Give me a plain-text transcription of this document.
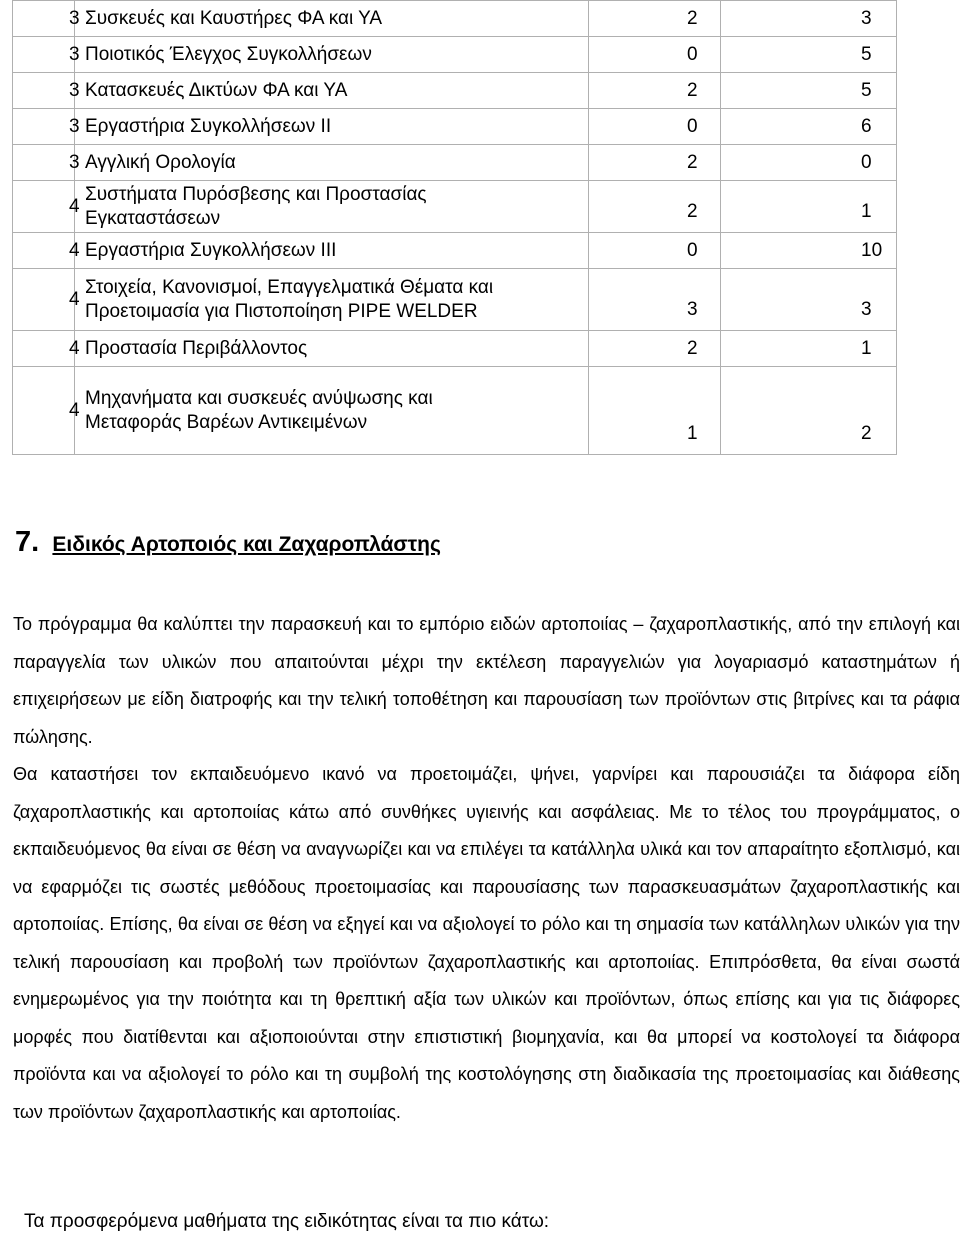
3	Συσκευές και Καυστήρες ΦΑ και ΥΑ	2	3
3	Ποιοτικός Έλεγχος Συγκολλήσεων	0	5
3	Κατασκευές Δικτύων ΦΑ και ΥΑ	2	5
3	Εργαστήρια Συγκολλήσεων ΙΙ	0	6
3	Αγγλική Ορολογία	2	0
4	Συστήματα Πυρόσβεσης και Προστασίας
Εγκαταστάσεων	2	1
4	Εργαστήρια Συγκολλήσεων ΙΙΙ	0	10
4	Στοιχεία, Κανονισμοί, Επαγγελματικά Θέματα και
Προετοιμασία για Πιστοποίηση PIPE WELDER	3	3
4	Προστασία Περιβάλλοντος	2	1
4	Μηχανήματα και συσκευές ανύψωσης και
Μεταφοράς Βαρέων Αντικειμένων	1	2
7. Ειδικός Αρτοποιός και Ζαχαροπλάστης

Το πρόγραμμα θα καλύπτει την παρασκευή και το εμπόριο ειδών αρτοποιίας – ζαχαροπλαστικής, από την επιλογή και παραγγελία των υλικών που απαιτούνται μέχρι την εκτέλεση παραγγελιών για λογαριασμό καταστημάτων ή επιχειρήσεων με είδη διατροφής και την τελική τοποθέτηση και παρουσίαση των προϊόντων στις βιτρίνες και τα ράφια πώλησης.

Θα καταστήσει τον εκπαιδευόμενο ικανό να προετοιμάζει, ψήνει, γαρνίρει και παρουσιάζει τα διάφορα είδη ζαχαροπλαστικής και αρτοποιίας κάτω από συνθήκες υγιεινής και ασφάλειας. Με το τέλος του προγράμματος, ο εκπαιδευόμενος θα είναι σε θέση να αναγνωρίζει και να επιλέγει τα κατάλληλα υλικά και τον απαραίτητο εξοπλισμό, και να εφαρμόζει τις σωστές μεθόδους προετοιμασίας και παρουσίασης των παρασκευασμάτων ζαχαροπλαστικής και αρτοποιίας. Επίσης, θα είναι σε θέση να εξηγεί και να αξιολογεί το ρόλο και τη σημασία των κατάλληλων υλικών για την τελική παρουσίαση και προβολή των προϊόντων ζαχαροπλαστικής και αρτοποιίας. Επιπρόσθετα, θα είναι σωστά ενημερωμένος για την ποιότητα και τη θρεπτική αξία των υλικών και προϊόντων, όπως επίσης και για τις διάφορες μορφές που διατίθενται και αξιοποιούνται στην επιστιστική βιομηχανία, και θα μπορεί να κοστολογεί τα διάφορα προϊόντα και να αξιολογεί το ρόλο και τη συμβολή της κοστολόγησης στη διαδικασία της προετοιμασίας και διάθεσης των προϊόντων ζαχαροπλαστικής και αρτοποιίας.

Τα προσφερόμενα μαθήματα της ειδικότητας είναι τα πιο κάτω:
